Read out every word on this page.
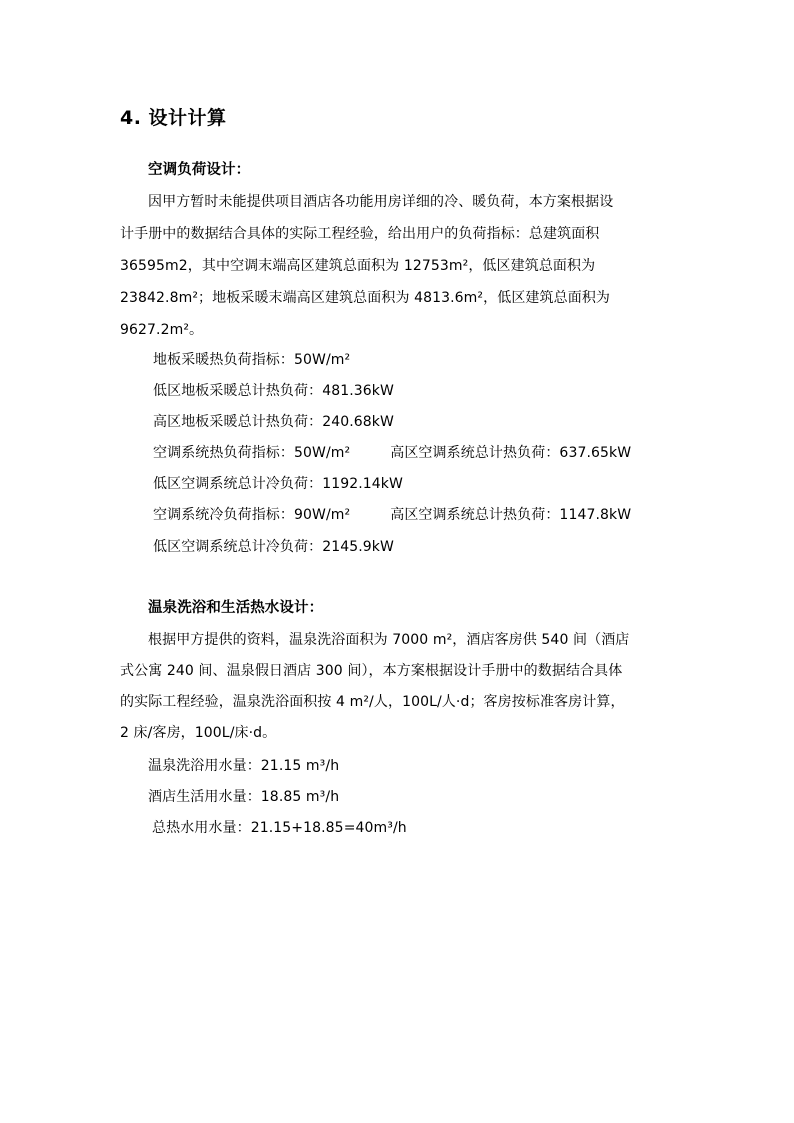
4. 设计计算
空调负荷设计：
因甲方暂时未能提供项目酒店各功能用房详细的冷、暖负荷，本方案根据设
计手册中的数据结合具体的实际工程经验，给出用户的负荷指标：总建筑面积
36595m2，其中空调末端高区建筑总面积为 12753m²，低区建筑总面积为
23842.8m²；地板采暖末端高区建筑总面积为 4813.6m²，低区建筑总面积为
9627.2m²。
地板采暖热负荷指标：50W/m²
低区地板采暖总计热负荷：481.36kW
高区地板采暖总计热负荷：240.68kW
空调系统热负荷指标：50W/m²	高区空调系统总计热负荷：637.65kW
低区空调系统总计冷负荷：1192.14kW
空调系统冷负荷指标：90W/m²	高区空调系统总计热负荷：1147.8kW
低区空调系统总计冷负荷：2145.9kW
温泉洗浴和生活热水设计：
根据甲方提供的资料，温泉洗浴面积为 7000 m²，酒店客房供 540 间（酒店
式公寓 240 间、温泉假日酒店 300 间），本方案根据设计手册中的数据结合具体
的实际工程经验，温泉洗浴面积按 4 m²/人，100L/人·d；客房按标准客房计算，
2 床/客房，100L/床·d。
温泉洗浴用水量：21.15 m³/h
酒店生活用水量：18.85 m³/h
总热水用水量：21.15+18.85=40m³/h
